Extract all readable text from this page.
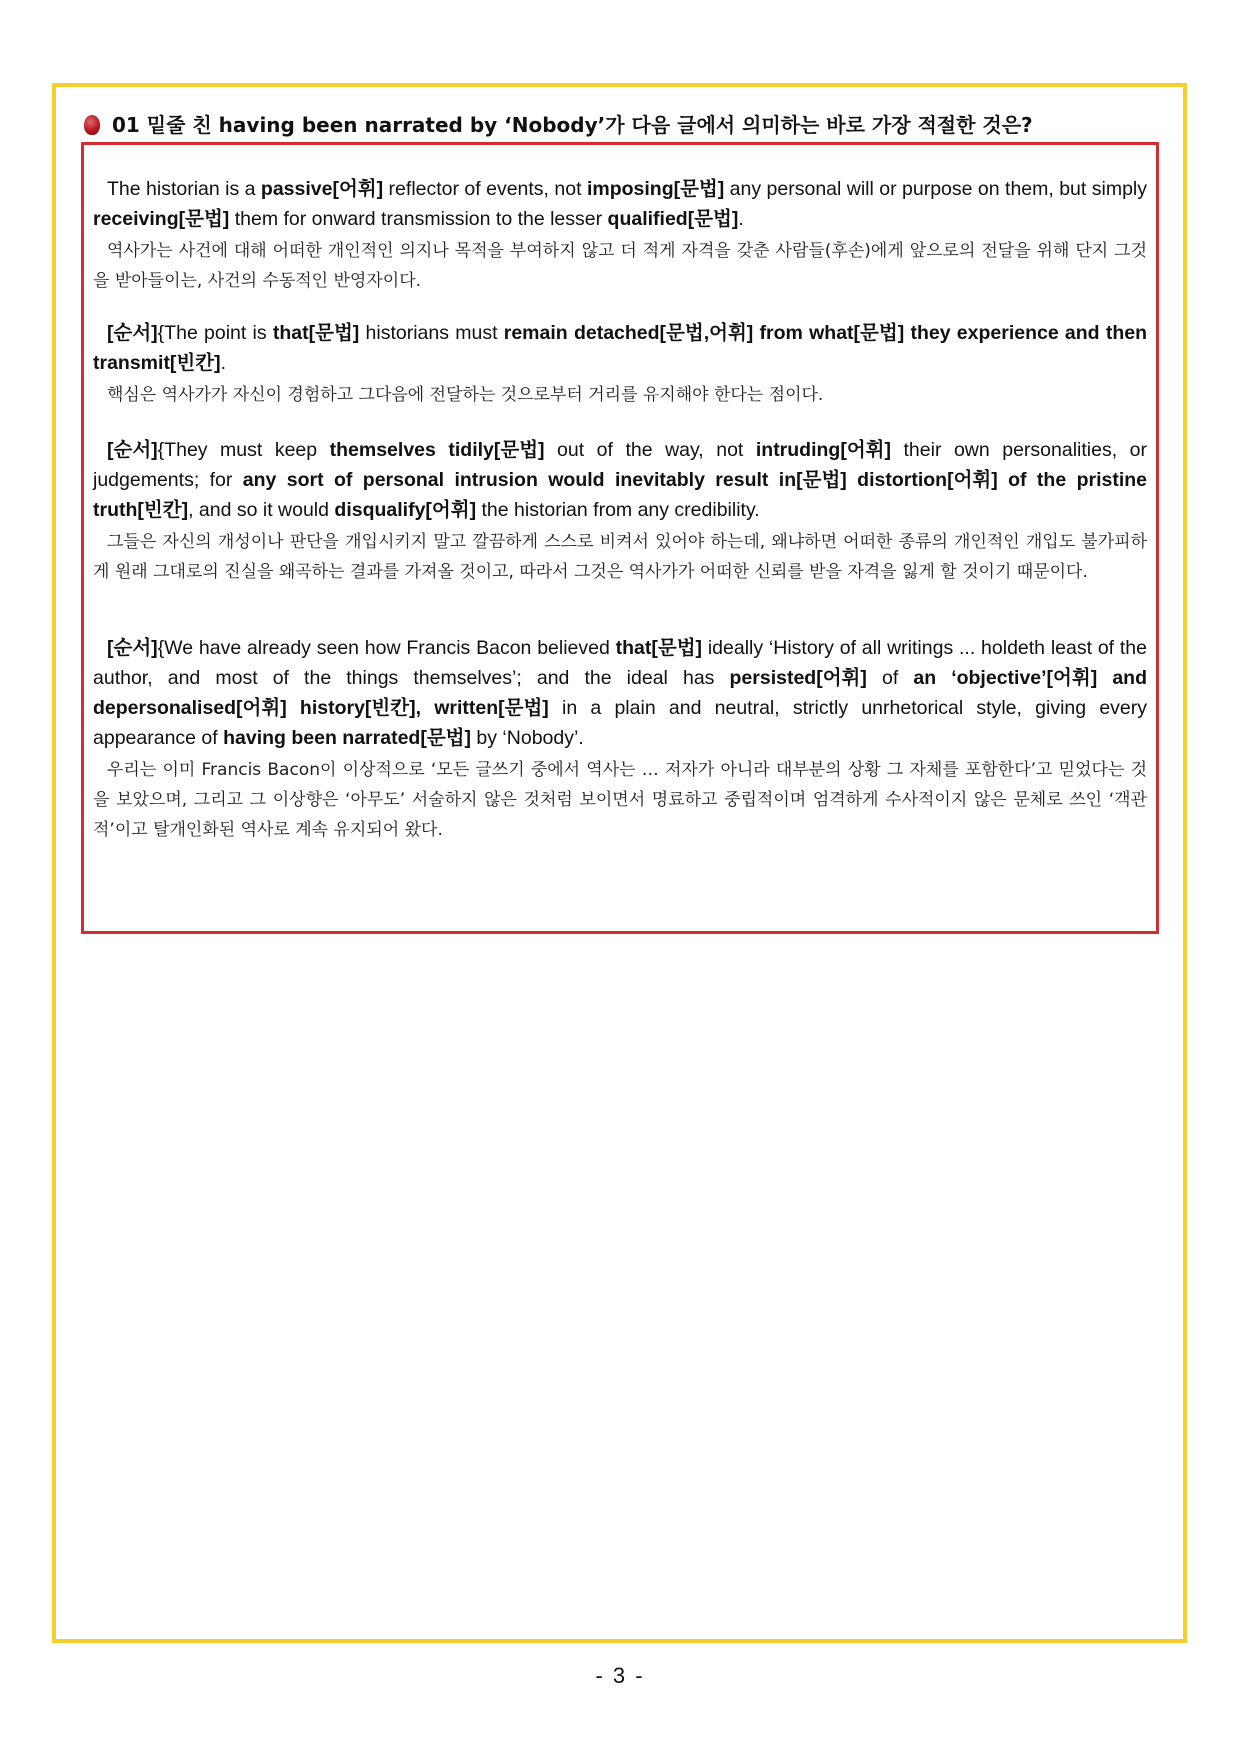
01 밑줄 친 having been narrated by ‘Nobody’가 다음 글에서 의미하는 바로 가장 적절한 것은?

The historian is a passive[어휘] reflector of events, not imposing[문법] any personal will or purpose on them, but simply receiving[문법] them for onward transmission to the lesser qualified[문법].

역사가는 사건에 대해 어떠한 개인적인 의지나 목적을 부여하지 않고 더 적게 자격을 갖춘 사람들(후손)에게 앞으로의 전달을 위해 단지 그것을 받아들이는, 사건의 수동적인 반영자이다.

[순서]{The point is that[문법] historians must remain detached[문법,어휘] from what[문법] they experience and then transmit[빈칸].

핵심은 역사가가 자신이 경험하고 그다음에 전달하는 것으로부터 거리를 유지해야 한다는 점이다.

[순서]{They must keep themselves tidily[문법] out of the way, not intruding[어휘] their own personalities, or judgements; for any sort of personal intrusion would inevitably result in[문법] distortion[어휘] of the pristine truth[빈칸], and so it would disqualify[어휘] the historian from any credibility.

그들은 자신의 개성이나 판단을 개입시키지 말고 깔끔하게 스스로 비켜서 있어야 하는데, 왜냐하면 어떠한 종류의 개인적인 개입도 불가피하게 원래 그대로의 진실을 왜곡하는 결과를 가져올 것이고, 따라서 그것은 역사가가 어떠한 신뢰를 받을 자격을 잃게 할 것이기 때문이다.

[순서]{We have already seen how Francis Bacon believed that[문법] ideally ‘History of all writings ... holdeth least of the author, and most of the things themselves’; and the ideal has persisted[어휘] of an ‘objective’[어휘] and depersonalised[어휘] history[빈칸], written[문법] in a plain and neutral, strictly unrhetorical style, giving every appearance of having been narrated[문법] by ‘Nobody’.

우리는 이미 Francis Bacon이 이상적으로 ‘모든 글쓰기 중에서 역사는 … 저자가 아니라 대부분의 상황 그 자체를 포함한다’고 믿었다는 것을 보았으며, 그리고 그 이상향은 ‘아무도’ 서술하지 않은 것처럼 보이면서 명료하고 중립적이며 엄격하게 수사적이지 않은 문체로 쓰인 ‘객관적’이고 탈개인화된 역사로 계속 유지되어 왔다.

- 3 -
